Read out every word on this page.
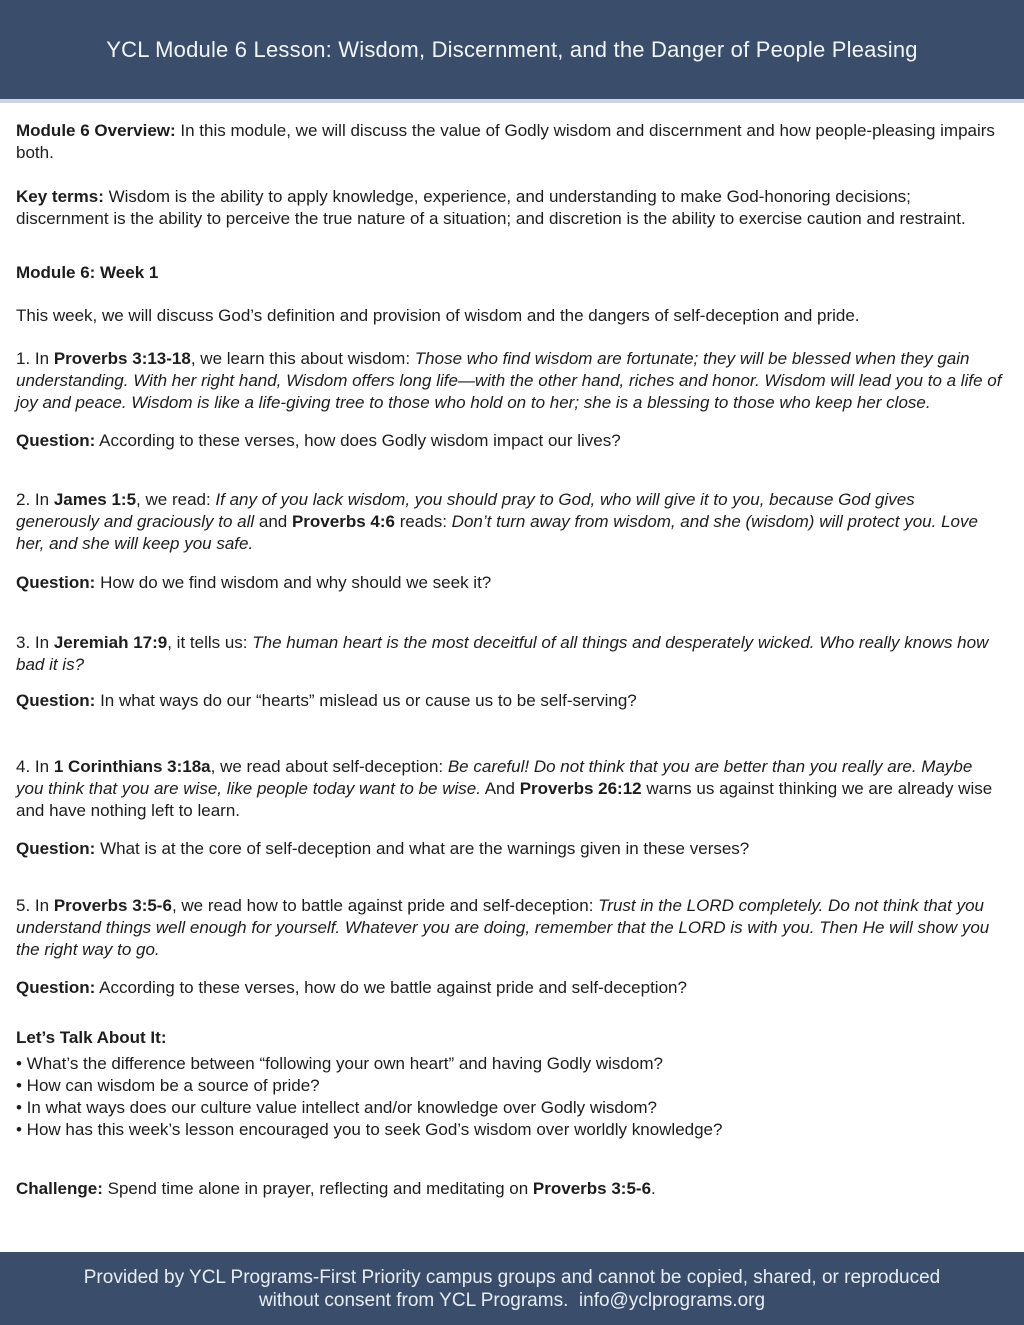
YCL Module 6 Lesson: Wisdom, Discernment, and the Danger of People Pleasing

Module 6 Overview: In this module, we will discuss the value of Godly wisdom and discernment and how people-pleasing impairs both.

Key terms: Wisdom is the ability to apply knowledge, experience, and understanding to make God-honoring decisions; discernment is the ability to perceive the true nature of a situation; and discretion is the ability to exercise caution and restraint.

Module 6: Week 1

This week, we will discuss God’s definition and provision of wisdom and the dangers of self-deception and pride.

1. In Proverbs 3:13-18, we learn this about wisdom: Those who find wisdom are fortunate; they will be blessed when they gain understanding. With her right hand, Wisdom offers long life—with the other hand, riches and honor. Wisdom will lead you to a life of joy and peace. Wisdom is like a life-giving tree to those who hold on to her; she is a blessing to those who keep her close.

Question: According to these verses, how does Godly wisdom impact our lives?

2. In James 1:5, we read: If any of you lack wisdom, you should pray to God, who will give it to you, because God gives generously and graciously to all and Proverbs 4:6 reads: Don’t turn away from wisdom, and she (wisdom) will protect you. Love her, and she will keep you safe.

Question: How do we find wisdom and why should we seek it?

3. In Jeremiah 17:9, it tells us: The human heart is the most deceitful of all things and desperately wicked. Who really knows how bad it is?

Question: In what ways do our “hearts” mislead us or cause us to be self-serving?

4. In 1 Corinthians 3:18a, we read about self-deception: Be careful! Do not think that you are better than you really are. Maybe you think that you are wise, like people today want to be wise. And Proverbs 26:12 warns us against thinking we are already wise and have nothing left to learn.

Question: What is at the core of self-deception and what are the warnings given in these verses?

5. In Proverbs 3:5-6, we read how to battle against pride and self-deception: Trust in the LORD completely. Do not think that you understand things well enough for yourself. Whatever you are doing, remember that the LORD is with you. Then He will show you the right way to go.

Question: According to these verses, how do we battle against pride and self-deception?

Let’s Talk About It:

• What’s the difference between “following your own heart” and having Godly wisdom?

• How can wisdom be a source of pride?

• In what ways does our culture value intellect and/or knowledge over Godly wisdom?

• How has this week’s lesson encouraged you to seek God’s wisdom over worldly knowledge?

Challenge: Spend time alone in prayer, reflecting and meditating on Proverbs 3:5-6.

Provided by YCL Programs-First Priority campus groups and cannot be copied, shared, or reproduced
without consent from YCL Programs.  info@yclprograms.org
